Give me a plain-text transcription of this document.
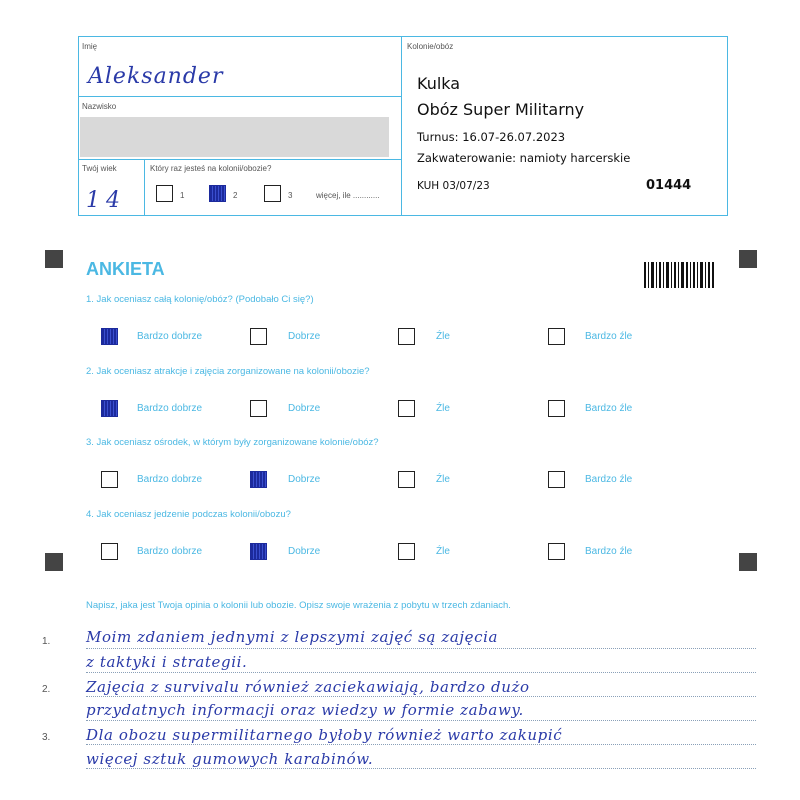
Imię
Aleksander
Nazwisko
Twój wiek
14
Który raz jesteś na kolonii/obozie?
1	2	3	więcej, ile ............
Kolonie/obóz
Kulka
Obóz Super Militarny
Turnus: 16.07-26.07.2023
Zakwaterowanie: namioty harcerskie
KUH 03/07/23	01444
ANKIETA
1. Jak oceniasz całą kolonię/obóz? (Podobało Ci się?)
Bardzo dobrze	Dobrze	Źle	Bardzo źle
2. Jak oceniasz atrakcje i zajęcia zorganizowane na kolonii/obozie?
Bardzo dobrze	Dobrze	Źle	Bardzo źle
3. Jak oceniasz ośrodek, w którym były zorganizowane kolonie/obóz?
Bardzo dobrze	Dobrze	Źle	Bardzo źle
4. Jak oceniasz jedzenie podczas kolonii/obozu?
Bardzo dobrze	Dobrze	Źle	Bardzo źle
Napisz, jaka jest Twoja opinia o kolonii lub obozie. Opisz swoje wrażenia z pobytu w trzech zdaniach.
1.
2.
3.
Moim zdaniem jednymi z lepszymi zajęć są zajęcia
z taktyki i strategii.
Zajęcia z survivalu również zaciekawiają, bardzo dużo
przydatnych informacji oraz wiedzy w formie zabawy.
Dla obozu supermilitarnego byłoby również warto zakupić
więcej sztuk gumowych karabinów.
